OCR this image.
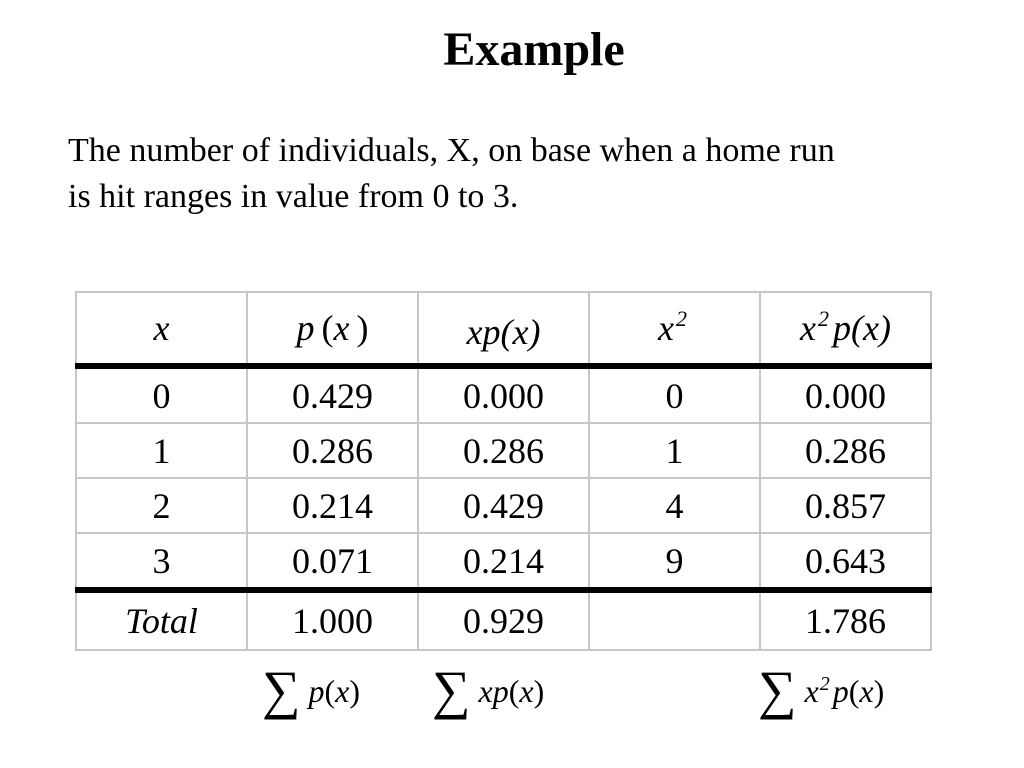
Example
The number of individuals, X, on base when a home run
is hit ranges in value from 0 to 3.
x	p (x )	xp(x)	$x^2$	$x^2$ p(x)
0	0.429	0.000	0	0.000
1	0.286	0.286	1	0.286
2	0.214	0.429	4	0.857
3	0.071	0.214	9	0.643
Total	1.000	0.929		1.786
∑ p(x) ∑ xp(x)	∑ $x^2p(x)$
